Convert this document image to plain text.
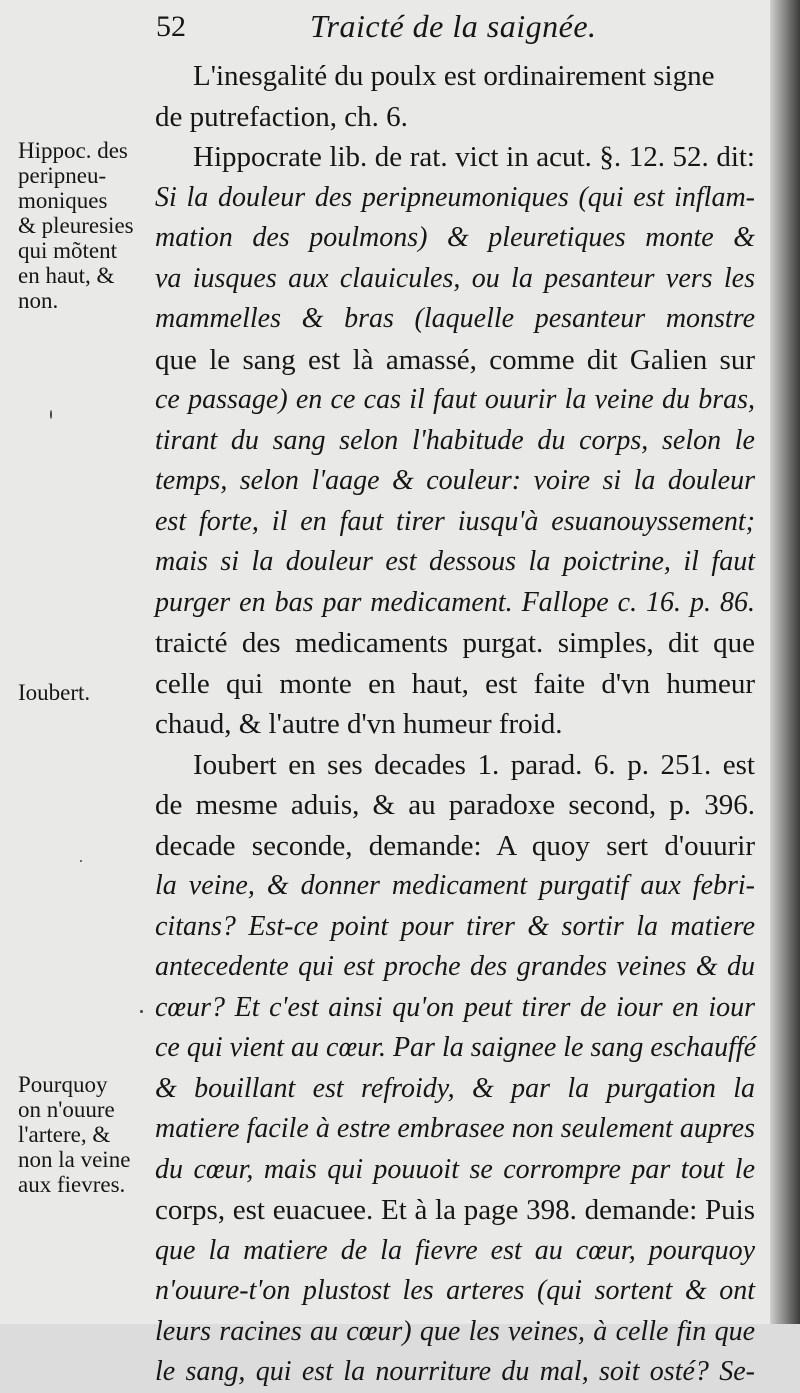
52	Traicté de la saignée.
Hippoc. des
peripneu-
moniques
& pleuresies
qui mõtent
en haut, &
non.
Ioubert.
Pourquoy
on n'ouure
l'artere, &
non la veine
aux fievres.
L'inesgalité du poulx est ordinairement signe
de putrefaction, ch. 6.
Hippocrate lib. de rat. vict in acut. §. 12. 52. dit:
Si la douleur des peripneumoniques (qui est inflam-
mation des poulmons) & pleuretiques monte &
va iusques aux clauicules, ou la pesanteur vers les
mammelles & bras (laquelle pesanteur monstre
que le sang est là amassé, comme dit Galien sur
ce passage) en ce cas il faut ouurir la veine du bras,
tirant du sang selon l'habitude du corps, selon le
temps, selon l'aage & couleur: voire si la douleur
est forte, il en faut tirer iusqu'à esuanouyssement;
mais si la douleur est dessous la poictrine, il faut
purger en bas par medicament. Fallope c. 16. p. 86.
traicté des medicaments purgat. simples, dit que
celle qui monte en haut, est faite d'vn humeur
chaud, & l'autre d'vn humeur froid.
Ioubert en ses decades 1. parad. 6. p. 251. est
de mesme aduis, & au paradoxe second, p. 396.
decade seconde, demande: A quoy sert d'ouurir
la veine, & donner medicament purgatif aux febri-
citans? Est-ce point pour tirer & sortir la matiere
antecedente qui est proche des grandes veines & du
cœur? Et c'est ainsi qu'on peut tirer de iour en iour
ce qui vient au cœur. Par la saignee le sang eschauffé
& bouillant est refroidy, & par la purgation la
matiere facile à estre embrasee non seulement aupres
du cœur, mais qui pouuoit se corrompre par tout le
corps, est euacuee. Et à la page 398. demande: Puis
que la matiere de la fievre est au cœur, pourquoy
n'ouure-t'on plustost les arteres (qui sortent & ont
leurs racines au cœur) que les veines, à celle fin que
le sang, qui est la nourriture du mal, soit osté? Se-
